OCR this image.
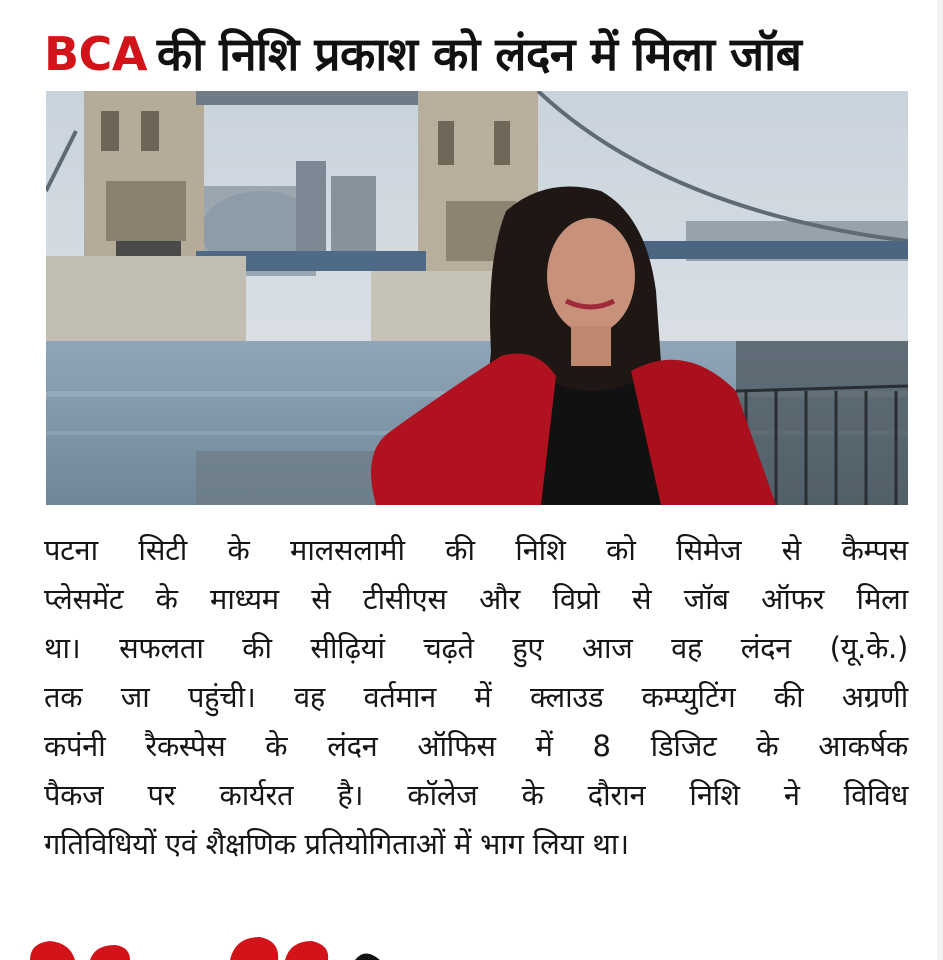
BCA की निशि प्रकाश को लंदन में मिला जॉब
पटना सिटी के मालसलामी की निशि को सिमेज से कैम्पस
प्लेसमेंट के माध्यम से टीसीएस और विप्रो से जॉब ऑफर मिला
था। सफलता की सीढ़ियां चढ़ते हुए आज वह लंदन (यू.के.)
तक जा पहुंची। वह वर्तमान में क्लाउड कम्प्युटिंग की अग्रणी
कपंनी रैकस्पेस के लंदन ऑफिस में 8 डिजिट के आकर्षक
पैकज पर कार्यरत है। कॉलेज के दौरान निशि ने विविध
गतिविधियों एवं शैक्षणिक प्रतियोगिताओं में भाग लिया था।
